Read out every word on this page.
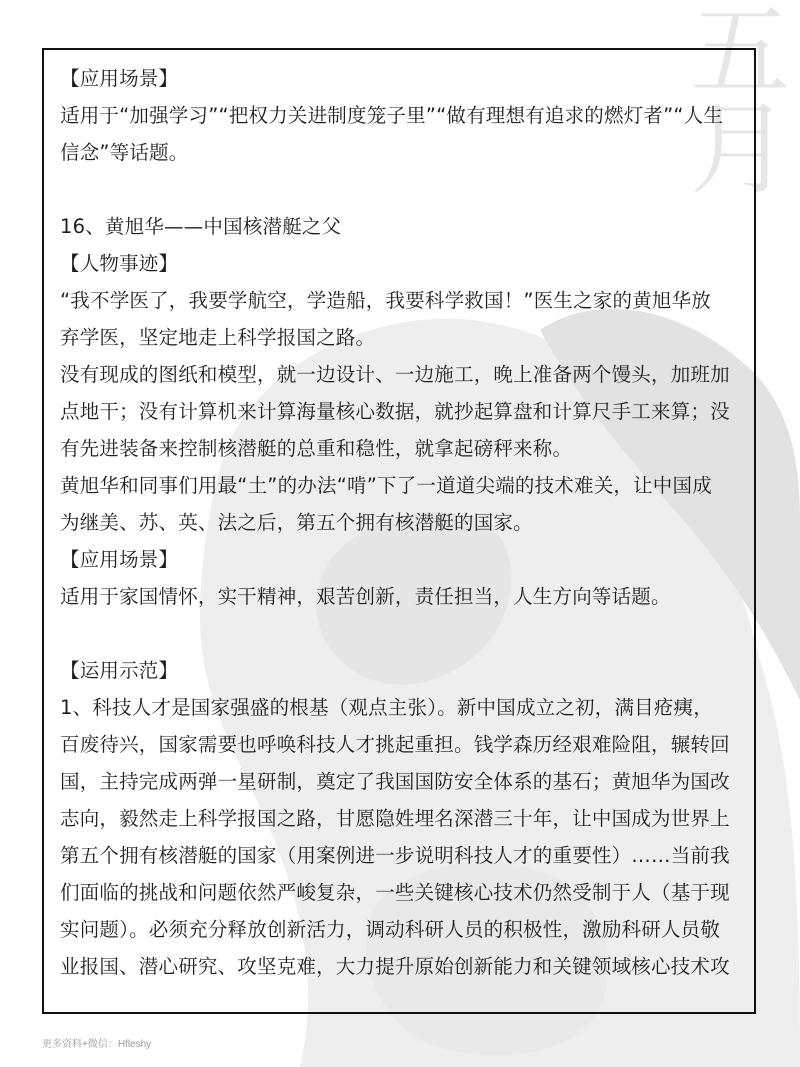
五
月
【应用场景】
适用于“加强学习”“把权力关进制度笼子里”“做有理想有追求的燃灯者”“人生
信念”等话题。
16、黄旭华——中国核潜艇之父
【人物事迹】
“我不学医了，我要学航空，学造船，我要科学救国！”医生之家的黄旭华放
弃学医，坚定地走上科学报国之路。
没有现成的图纸和模型，就一边设计、一边施工，晚上准备两个馒头，加班加
点地干；没有计算机来计算海量核心数据，就抄起算盘和计算尺手工来算；没
有先进装备来控制核潜艇的总重和稳性，就拿起磅秤来称。
黄旭华和同事们用最“土”的办法“啃”下了一道道尖端的技术难关，让中国成
为继美、苏、英、法之后，第五个拥有核潜艇的国家。
【应用场景】
适用于家国情怀，实干精神，艰苦创新，责任担当，人生方向等话题。
【运用示范】
1、科技人才是国家强盛的根基（观点主张）。新中国成立之初，满目疮痍，
百废待兴，国家需要也呼唤科技人才挑起重担。钱学森历经艰难险阻，辗转回
国，主持完成两弹一星研制，奠定了我国国防安全体系的基石；黄旭华为国改
志向，毅然走上科学报国之路，甘愿隐姓埋名深潜三十年，让中国成为世界上
第五个拥有核潜艇的国家（用案例进一步说明科技人才的重要性）……当前我
们面临的挑战和问题依然严峻复杂，一些关键核心技术仍然受制于人（基于现
实问题）。必须充分释放创新活力，调动科研人员的积极性，激励科研人员敬
业报国、潜心研究、攻坚克难，大力提升原始创新能力和关键领域核心技术攻
更多资料+微信：Hfleshy
